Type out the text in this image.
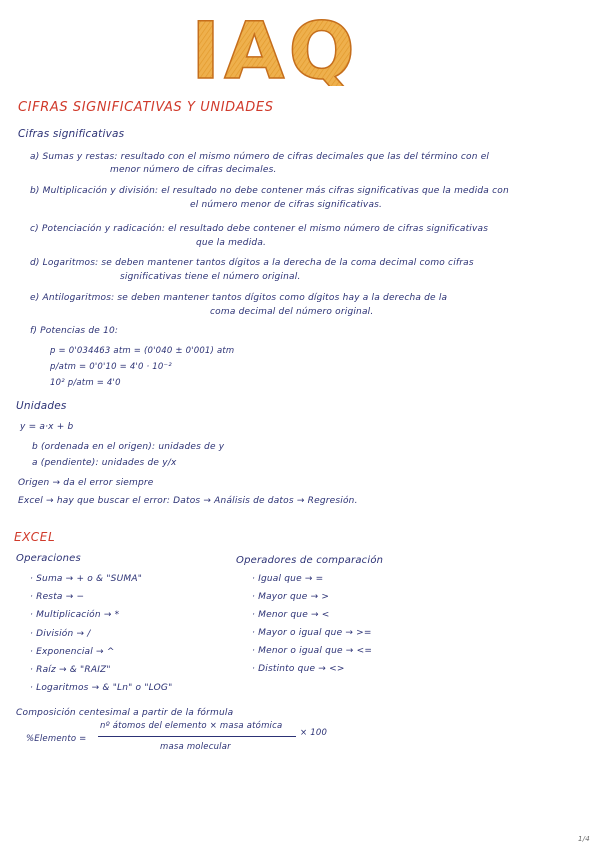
IAQ
CIFRAS SIGNIFICATIVAS Y UNIDADES
Cifras significativas
a) Sumas y restas: resultado con el mismo número de cifras decimales que las del término con el
menor número de cifras decimales.
b) Multiplicación y división: el resultado no debe contener más cifras significativas que la medida con
el número menor de cifras significativas.
c) Potenciación y radicación: el resultado debe contener el mismo número de cifras significativas
que la medida.
d) Logaritmos: se deben mantener tantos dígitos a la derecha de la coma decimal como cifras
significativas tiene el número original.
e) Antilogaritmos: se deben mantener tantos dígitos como dígitos hay a la derecha de la
coma decimal del número original.
f) Potencias de 10:
p = 0'034463 atm = (0'040 ± 0'001) atm
p/atm = 0'0'10 = 4'0 · 10⁻²
10² p/atm = 4'0
Unidades
y = a·x + b
b (ordenada en el origen): unidades de y
a (pendiente): unidades de y/x
Origen → da el error siempre
Excel → hay que buscar el error: Datos → Análisis de datos → Regresión.
EXCEL
Operaciones
· Suma → + o & "SUMA"
· Resta → −
· Multiplicación → *
· División → /
· Exponencial → ^
· Raíz → & "RAIZ"
· Logaritmos → & "Ln" o "LOG"
Operadores de comparación
· Igual que → =
· Mayor que → >
· Menor que → <
· Mayor o igual que → >=
· Menor o igual que → <=
· Distinto que → <>
Composición centesimal a partir de la fórmula
%Elemento =
nº átomos del elemento × masa atómica
masa molecular
× 100
1/4
